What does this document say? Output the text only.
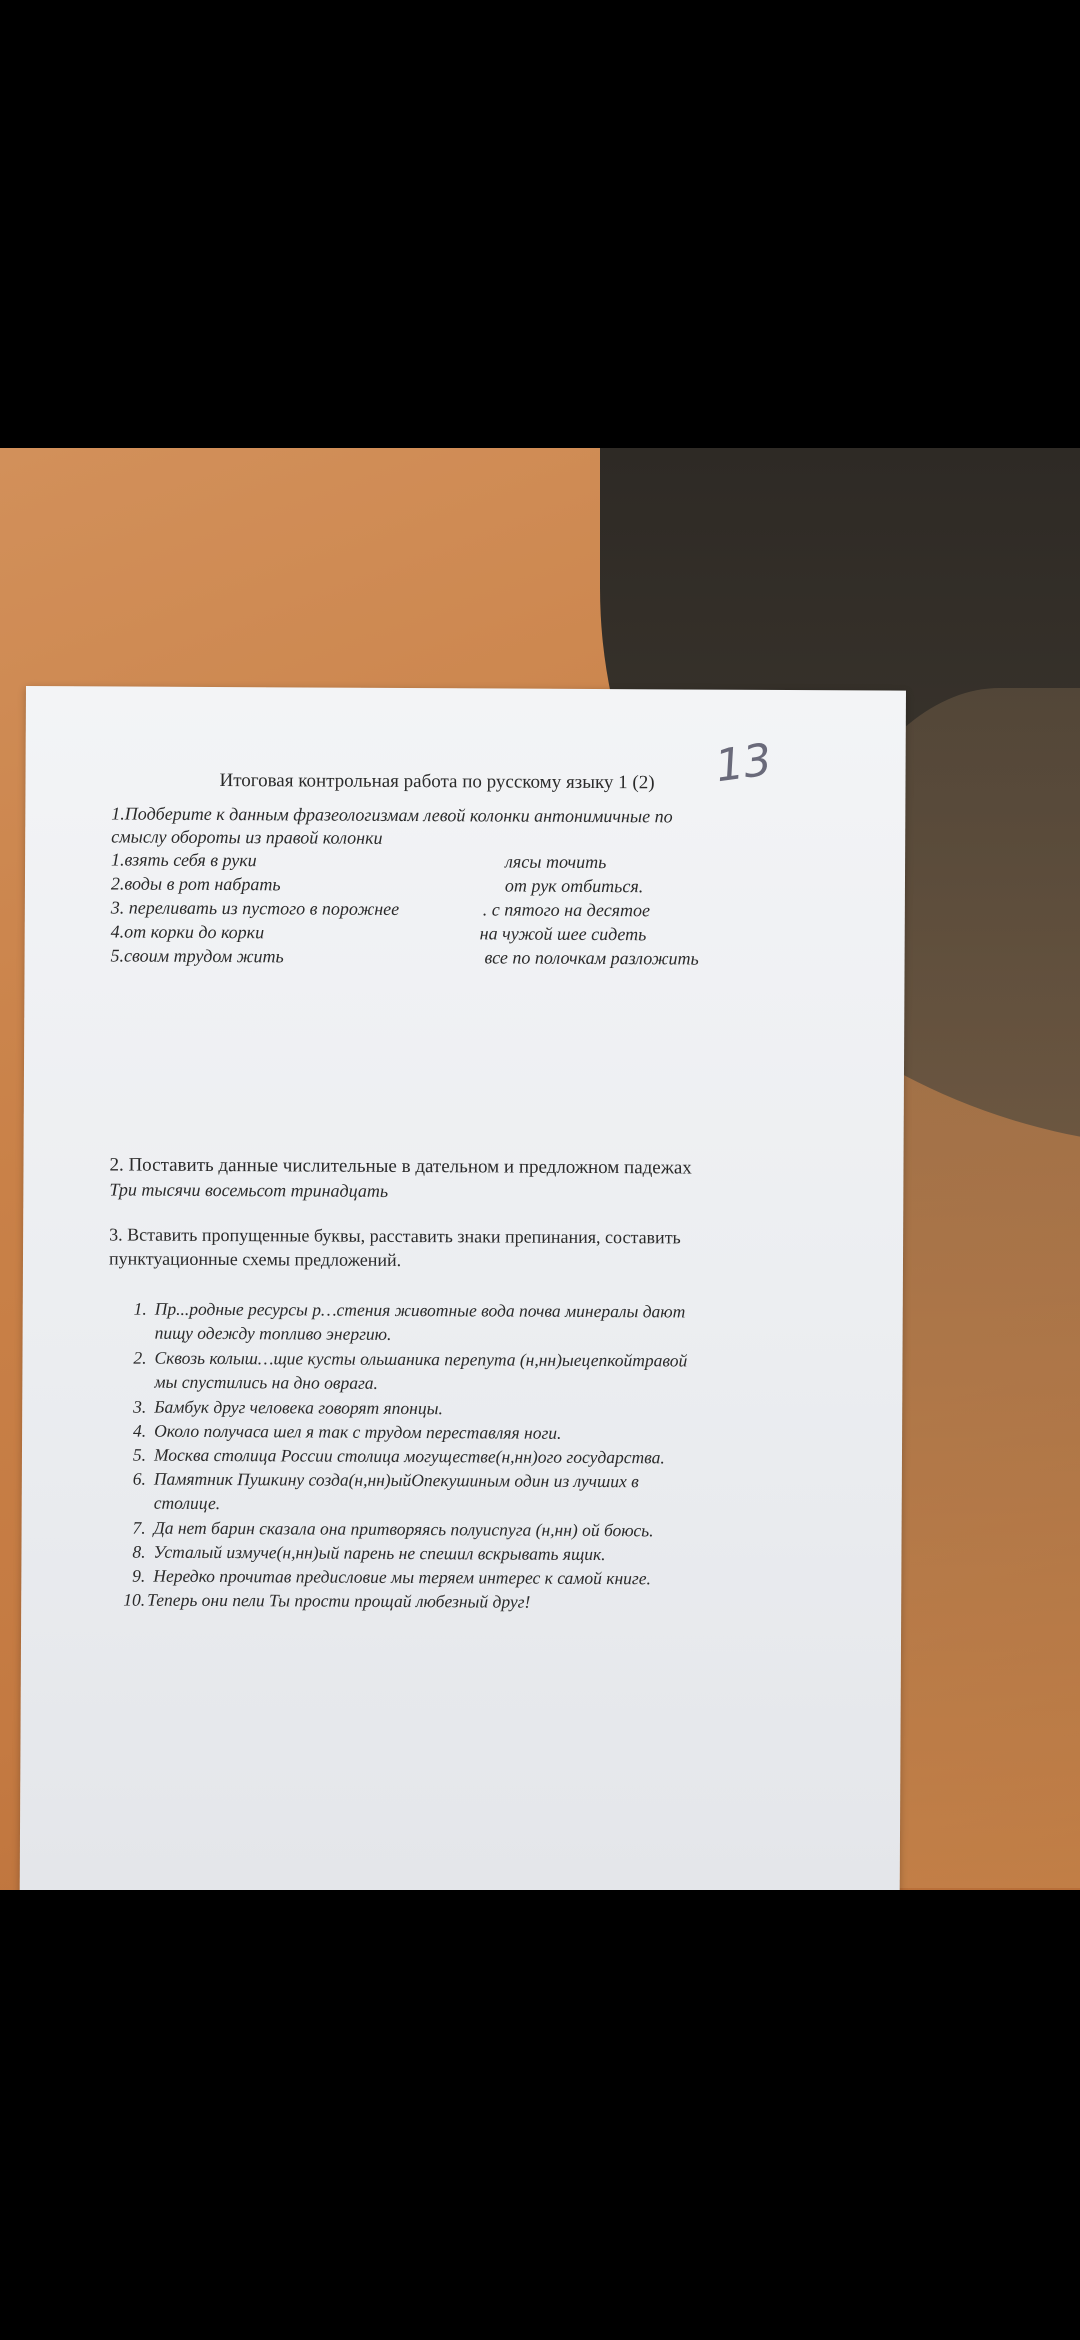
13
Итоговая контрольная работа по русскому языку 1 (2)
1.Подберите к данным фразеологизмам левой колонки антонимичные по
смыслу обороты из правой колонки
1.взять себя в руки
2.воды в рот набрать
3. переливать из пустого в порожнее
4.от корки до корки
5.своим трудом жить
лясы точить
от рук отбиться.
. с пятого на десятое
на чужой шее сидеть
все по полочкам разложить
2. Поставить данные числительные в дательном и предложном падежах
Три тысячи восемьсот тринадцать
3. Вставить пропущенные буквы, расставить знаки препинания, составить
пунктуационные схемы предложений.
1. Пр...родные ресурсы р…стения животные вода почва минералы дают
пищу одежду топливо энергию.
2. Сквозь колыш…щие кусты ольшаника перепута (н,нн)ыецепкойтравой
мы спустились на дно оврага.
3. Бамбук друг человека говорят японцы.
4. Около получаса шел я так с трудом переставляя ноги.
5. Москва столица России столица могуществе(н,нн)ого государства.
6. Памятник Пушкину созда(н,нн)ыйОпекушиным один из лучших в
столице.
7. Да нет барин сказала она притворяясь полуиспуга (н,нн) ой боюсь.
8. Усталый измуче(н,нн)ый парень не спешил вскрывать ящик.
9. Нередко прочитав предисловие мы теряем интерес к самой книге.
10. Теперь они пели Ты прости прощай любезный друг!
